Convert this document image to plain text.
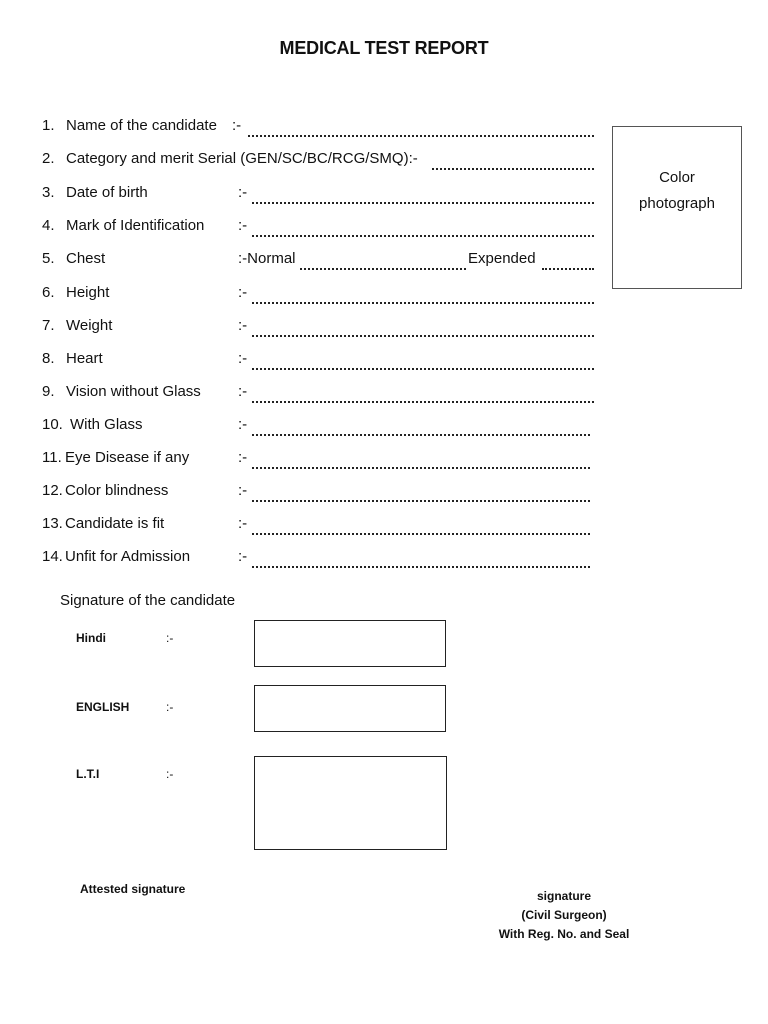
MEDICAL TEST REPORT
1. Name of the candidate :-
2. Category and merit Serial (GEN/SC/BC/RCG/SMQ):-
3. Date of birth	:-
4. Mark of Identification :-
5. Chest	:-Normal	Expended
6. Height	:-
7. Weight	:-
8. Heart	:-
9. Vision without Glass :-
10. With Glass	:-
11. Eye Disease if any	:-
12. Color blindness	:-
13. Candidate is fit	:-
14. Unfit for Admission	:-
Color
photograph
Signature of the candidate
Hindi	:-
ENGLISH	:-
L.T.I	:-
Attested signature	signature
(Civil Surgeon)
With Reg. No. and Seal
